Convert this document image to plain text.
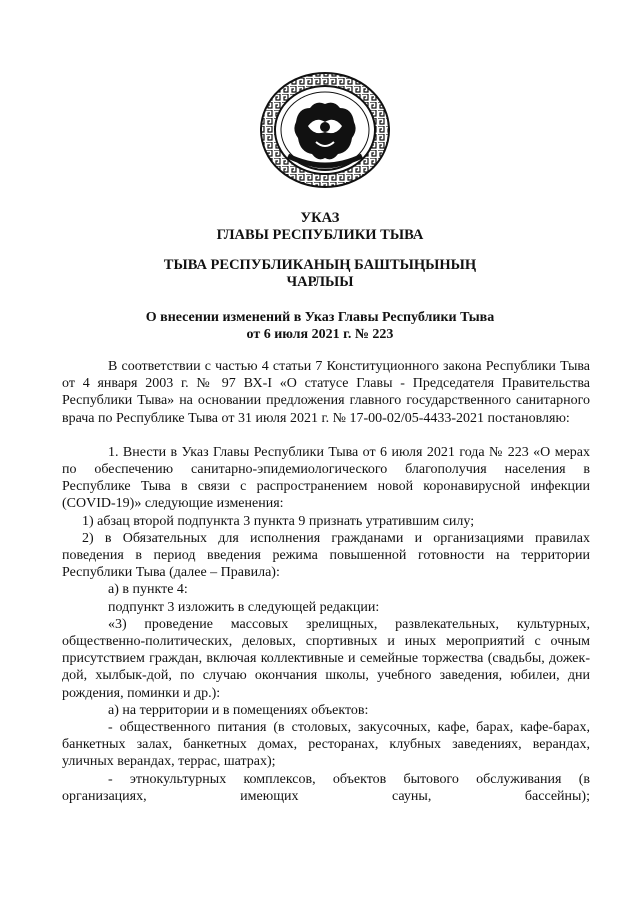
УКАЗ
ГЛАВЫ РЕСПУБЛИКИ ТЫВА
ТЫВА РЕСПУБЛИКАНЫҢ БАШТЫҢЫНЫҢ
ЧАРЛЫЫ
О внесении изменений в Указ Главы Республики Тыва
от 6 июля 2021 г. № 223

В соответствии с частью 4 статьи 7 Конституционного закона Республики Тыва от 4 января 2003 г. № 97 ВХ-I «О статусе Главы - Председателя Правительства Республики Тыва» на основании предложения главного государственного санитарного врача по Республике Тыва от 31 июля 2021 г. № 17-00-02/05-4433-2021 постановляю:

1. Внести в Указ Главы Республики Тыва от 6 июля 2021 года № 223 «О мерах по обеспечению санитарно-эпидемиологического благополучия населения в Республике Тыва в связи с распространением новой коронавирусной инфекции (COVID-19)» следующие изменения:

1) абзац второй подпункта 3 пункта 9 признать утратившим силу;

2) в Обязательных для исполнения гражданами и организациями правилах поведения в период введения режима повышенной готовности на территории Республики Тыва (далее – Правила):

а) в пункте 4:

подпункт 3 изложить в следующей редакции:

«3) проведение массовых зрелищных, развлекательных, культурных, общественно-политических, деловых, спортивных и иных мероприятий с очным присутствием граждан, включая коллективные и семейные торжества (свадьбы, дожек-дой, хылбык-дой, по случаю окончания школы, учебного заведения, юбилеи, дни рождения, поминки и др.):

а) на территории и в помещениях объектов:

- общественного питания (в столовых, закусочных, кафе, барах, кафе-барах, банкетных залах, банкетных домах, ресторанах, клубных заведениях, верандах, уличных верандах, террас, шатрах);

- этнокультурных комплексов, объектов бытового обслуживания (в организациях, имеющих сауны, бассейны);
